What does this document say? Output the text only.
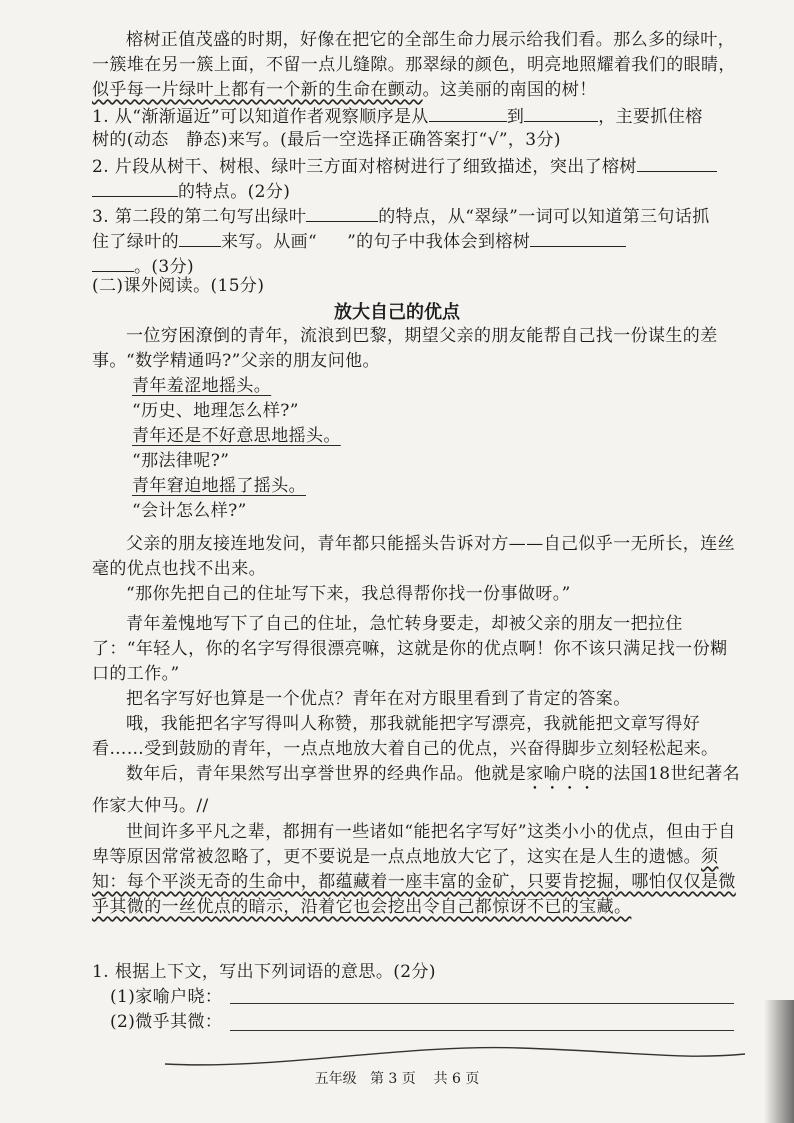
榕树正值茂盛的时期，好像在把它的全部生命力展示给我们看。那么多的绿叶，一簇堆在另一簇上面，不留一点儿缝隙。那翠绿的颜色，明亮地照耀着我们的眼睛，似乎每一片绿叶上都有一个新的生命在颤动。这美丽的南国的树！
1. 从“渐渐逼近”可以知道作者观察顺序是从	到	，主要抓住榕
树的(动态　静态)来写。(最后一空选择正确答案打“√”，3分)
2. 片段从树干、树根、绿叶三方面对榕树进行了细致描述，突出了榕树
的特点。(2分)
3. 第二段的第二句写出绿叶	的特点，从“翠绿”一词可以知道第三句话抓
住了绿叶的 来写。从画“ ”的句子中我体会到榕树
。(3分)
(二)课外阅读。(15分)
放大自己的优点
一位穷困潦倒的青年，流浪到巴黎，期望父亲的朋友能帮自己找一份谋生的差事。 “数学精通吗?”父亲的朋友问他。
青年羞涩地摇头。
“历史、地理怎么样?”
青年还是不好意思地摇头。
“那法律呢?”
青年窘迫地摇了摇头。
“会计怎么样?”
父亲的朋友接连地发问，青年都只能摇头告诉对方——自己似乎一无所长，连丝毫的优点也找不出来。
“那你先把自己的住址写下来，我总得帮你找一份事做呀。”
青年羞愧地写下了自己的住址，急忙转身要走，却被父亲的朋友一把拉住了：“年轻人，你的名字写得很漂亮嘛，这就是你的优点啊！你不该只满足找一份糊口的工作。”
把名字写好也算是一个优点？青年在对方眼里看到了肯定的答案。
哦，我能把名字写得叫人称赞，那我就能把字写漂亮，我就能把文章写得好看……受到鼓励的青年，一点点地放大着自己的优点，兴奋得脚步立刻轻松起来。
数年后，青年果然写出享誉世界的经典作品。他就是家喻户晓的法国18世纪著名作家大仲马。//
世间许多平凡之辈，都拥有一些诸如“能把名字写好”这类小小的优点，但由于自卑等原因常常被忽略了，更不要说是一点点地放大它了，这实在是人生的遗憾。须知：每个平淡无奇的生命中，都蕴藏着一座丰富的金矿，只要肯挖掘，哪怕仅仅是微乎其微的一丝优点的暗示，沿着它也会挖出令自己都惊讶不已的宝藏。
1. 根据上下文，写出下列词语的意思。(2分)
(1)家喻户晓：
(2)微乎其微：
五年级 第 3 页 共 6 页
